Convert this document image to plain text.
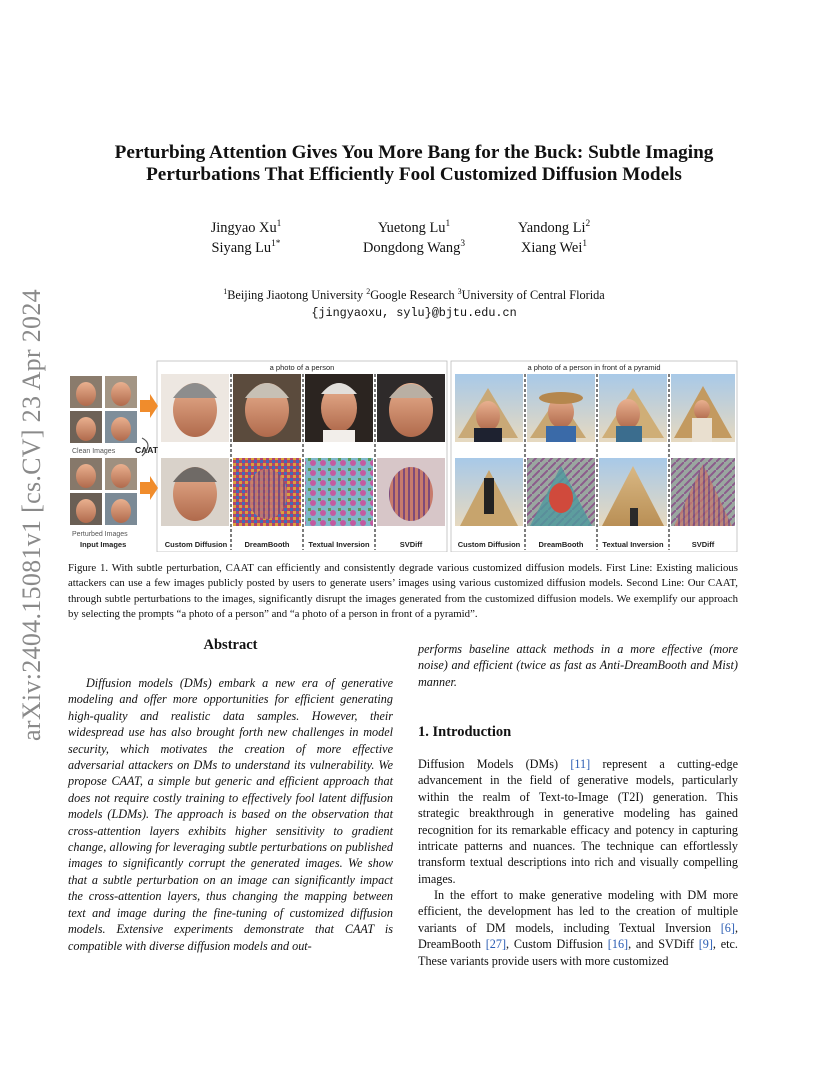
arXiv:2404.15081v1 [cs.CV] 23 Apr 2024
Perturbing Attention Gives You More Bang for the Buck: Subtle Imaging
Perturbations That Efficiently Fool Customized Diffusion Models
Jingyao Xu$^1$	Yuetong Lu$^1$	Yandong Li$^2$
Siyang $Lu^{1*}$	Dongdong Wang$^3$	Xiang Wei$^1$
$^1$Beijing Jiaotong University $^2$Google Research $^3$University of Central Florida
{jingyaoxu, sylu}@bjtu.edu.cn
a photo of a person	a photo of a person in front of a pyramid
Clean Images CAAT
Perturbed Images
Input Images	Custom Diffusion DreamBooth	Textual Inversion	SVDiff	Custom Diffusion DreamBooth	Textual Inversion	SVDiff
Figure 1. With subtle perturbation, CAAT can efficiently and consistently degrade various customized diffusion models. First Line: Existing malicious attackers can use a few images publicly posted by users to generate users’ images using various customized diffusion models. Second Line: Our CAAT, through subtle perturbations to the images, significantly disrupt the images generated from the customized diffusion models. We exemplify our approach by selecting the prompts “a photo of a person” and “a photo of a person in front of a pyramid”.
Abstract
Diffusion models (DMs) embark a new era of generative modeling and offer more opportunities for efficient generating high-quality and realistic data samples. However, their widespread use has also brought forth new challenges in model security, which motivates the creation of more effective adversarial attackers on DMs to understand its vulnerability. We propose CAAT, a simple but generic and efficient approach that does not require costly training to effectively fool latent diffusion models (LDMs). The approach is based on the observation that cross-attention layers exhibits higher sensitivity to gradient change, allowing for leveraging subtle perturbations on published images to significantly corrupt the generated images. We show that a subtle perturbation on an image can significantly impact the cross-attention layers, thus changing the mapping between text and image during the fine-tuning of customized diffusion models. Extensive experiments demonstrate that CAAT is compatible with diverse diffusion models and out-
performs baseline attack methods in a more effective (more noise) and efficient (twice as fast as Anti-DreamBooth and Mist) manner.
1. Introduction
Diffusion Models (DMs) [11] represent a cutting-edge advancement in the field of generative models, particularly within the realm of Text-to-Image (T2I) generation. This strategic breakthrough in generative modeling has gained recognition for its remarkable efficacy and potency in capturing intricate patterns and nuances. The technique can effortlessly transform textual descriptions into rich and visually compelling images.
In the effort to make generative modeling with DM more efficient, the development has led to the creation of multiple variants of DM models, including Textual Inversion [6], DreamBooth [27], Custom Diffusion [16], and SVDiff [9], etc. These variants provide users with more customized
